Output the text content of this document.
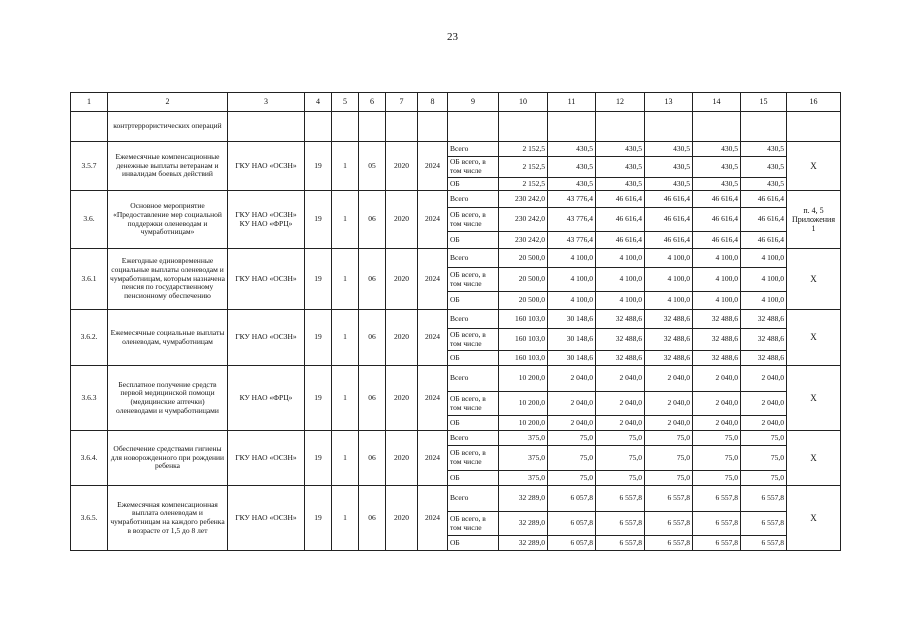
23
1	2	3	4	5	6	7	8	9	10	11	12	13	14	15	16
	контртеррористических операций														
3.5.7	Ежемесячные компенсационные денежные выплаты ветеранам и инвалидам боевых действий	ГКУ НАО «ОСЗН»	19	1	05	2020	2024	Всего	2 152,5	430,5	430,5	430,5	430,5	430,5	X
								ОБ всего, в том числе	2 152,5	430,5	430,5	430,5	430,5	430,5	
								ОБ	2 152,5	430,5	430,5	430,5	430,5	430,5	
3.6.	Основное мероприятие «Предоставление мер социальной поддержки оленеводам и чумработницам»	ГКУ НАО «ОСЗН» КУ НАО «ФРЦ»	19	1	06	2020	2024	Всего	230 242,0	43 776,4	46 616,4	46 616,4	46 616,4	46 616,4	п. 4, 5 Приложения 1
								ОБ всего, в том числе	230 242,0	43 776,4	46 616,4	46 616,4	46 616,4	46 616,4	
								ОБ	230 242,0	43 776,4	46 616,4	46 616,4	46 616,4	46 616,4	
3.6.1	Ежегодные единовременные социальные выплаты оленеводам и чумработницам, которым назначена пенсия по государственному пенсионному обеспечению	ГКУ НАО «ОСЗН»	19	1	06	2020	2024	Всего	20 500,0	4 100,0	4 100,0	4 100,0	4 100,0	4 100,0	X
								ОБ всего, в том числе	20 500,0	4 100,0	4 100,0	4 100,0	4 100,0	4 100,0	
								ОБ	20 500,0	4 100,0	4 100,0	4 100,0	4 100,0	4 100,0	
3.6.2.	Ежемесячные социальные выплаты оленеводам, чумработницам	ГКУ НАО «ОСЗН»	19	1	06	2020	2024	Всего	160 103,0	30 148,6	32 488,6	32 488,6	32 488,6	32 488,6	X
								ОБ всего, в том числе	160 103,0	30 148,6	32 488,6	32 488,6	32 488,6	32 488,6	
								ОБ	160 103,0	30 148,6	32 488,6	32 488,6	32 488,6	32 488,6	
3.6.3	Бесплатное получение средств первой медицинской помощи (медицинские аптечки) оленеводами и чумработницами	КУ НАО «ФРЦ»	19	1	06	2020	2024	Всего	10 200,0	2 040,0	2 040,0	2 040,0	2 040,0	2 040,0	X
								ОБ всего, в том числе	10 200,0	2 040,0	2 040,0	2 040,0	2 040,0	2 040,0	
								ОБ	10 200,0	2 040,0	2 040,0	2 040,0	2 040,0	2 040,0	
3.6.4.	Обеспечение средствами гигиены для новорожденного при рождении ребенка	ГКУ НАО «ОСЗН»	19	1	06	2020	2024	Всего	375,0	75,0	75,0	75,0	75,0	75,0	X
								ОБ всего, в том числе	375,0	75,0	75,0	75,0	75,0	75,0	
								ОБ	375,0	75,0	75,0	75,0	75,0	75,0	
3.6.5.	Ежемесячная компенсационная выплата оленеводам и чумработницам на каждого ребенка в возрасте от 1,5 до 8 лет	ГКУ НАО «ОСЗН»	19	1	06	2020	2024	Всего	32 289,0	6 057,8	6 557,8	6 557,8	6 557,8	6 557,8	X
								ОБ всего, в том числе	32 289,0	6 057,8	6 557,8	6 557,8	6 557,8	6 557,8	
								ОБ	32 289,0	6 057,8	6 557,8	6 557,8	6 557,8	6 557,8	
